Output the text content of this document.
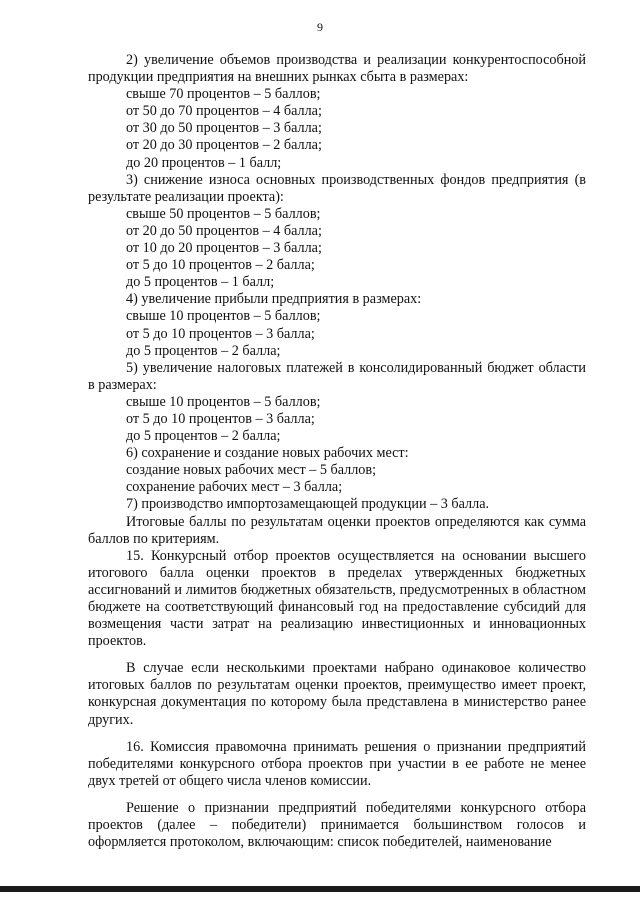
9

2) увеличение объемов производства и реализации конкурентоспособной продукции предприятия на внешних рынках сбыта в размерах:

свыше 70 процентов – 5 баллов;

от 50 до 70 процентов – 4 балла;

от 30 до 50 процентов – 3 балла;

от 20 до 30 процентов – 2 балла;

до 20 процентов – 1 балл;

3) снижение износа основных производственных фондов предприятия (в результате реализации проекта):

свыше 50 процентов – 5 баллов;

от 20 до 50 процентов – 4 балла;

от 10 до 20 процентов – 3 балла;

от 5 до 10 процентов – 2 балла;

до 5 процентов – 1 балл;

4) увеличение прибыли предприятия в размерах:

свыше 10 процентов – 5 баллов;

от 5 до 10 процентов – 3 балла;

до 5 процентов – 2 балла;

5) увеличение налоговых платежей в консолидированный бюджет области в размерах:

свыше 10 процентов – 5 баллов;

от 5 до 10 процентов – 3 балла;

до 5 процентов – 2 балла;

6) сохранение и создание новых рабочих мест:

создание новых рабочих мест – 5 баллов;

сохранение рабочих мест – 3 балла;

7) производство импортозамещающей продукции – 3 балла.

Итоговые баллы по результатам оценки проектов определяются как сумма баллов по критериям.

15. Конкурсный отбор проектов осуществляется на основании высшего итогового балла оценки проектов в пределах утвержденных бюджетных ассигнований и лимитов бюджетных обязательств, предусмотренных в областном бюджете на соответствующий финансовый год на предоставление субсидий для возмещения части затрат на реализацию инвестиционных и инновационных проектов.

В случае если несколькими проектами набрано одинаковое количество итоговых баллов по результатам оценки проектов, преимущество имеет проект, конкурсная документация по которому была представлена в министерство ранее других.

16. Комиссия правомочна принимать решения о признании предприятий победителями конкурсного отбора проектов при участии в ее работе не менее двух третей от общего числа членов комиссии.

Решение о признании предприятий победителями конкурсного отбора проектов (далее – победители) принимается большинством голосов и оформляется протоколом, включающим: список победителей, наименование
